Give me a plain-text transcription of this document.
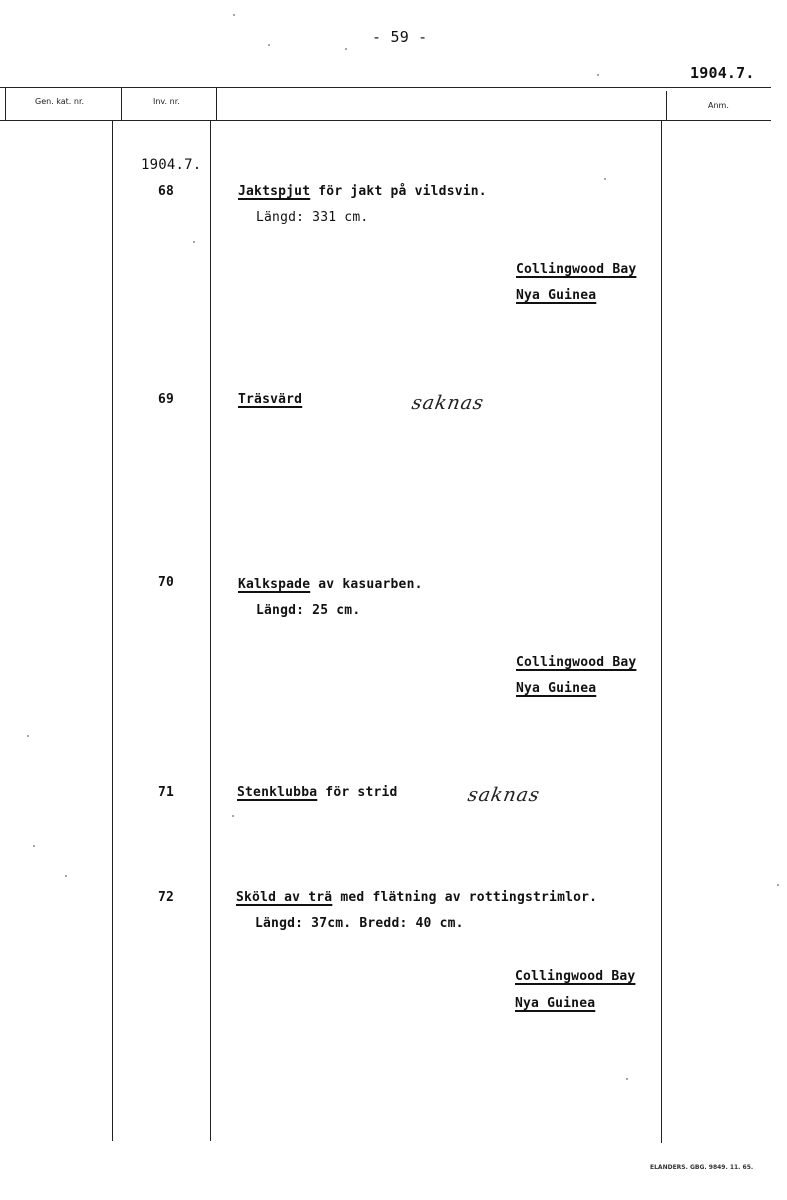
- 59 -
1904.7.
Gen. kat. nr.	Inv. nr.	Anm.
1904.7.
68	Jaktspjut för jakt på vildsvin.
Längd: 331 cm.
Collingwood Bay
Nya Guinea
69	Träsvärd	saknas
70	Kalkspade av kasuarben.
Längd: 25 cm.
Collingwood Bay
Nya Guinea
71	Stenklubba för strid	saknas
72	Sköld av trä med flätning av rottingstrimlor.
Längd: 37cm. Bredd: 40 cm.
Collingwood Bay
Nya Guinea
ELANDERS. GBG. 9849. 11. 65.
